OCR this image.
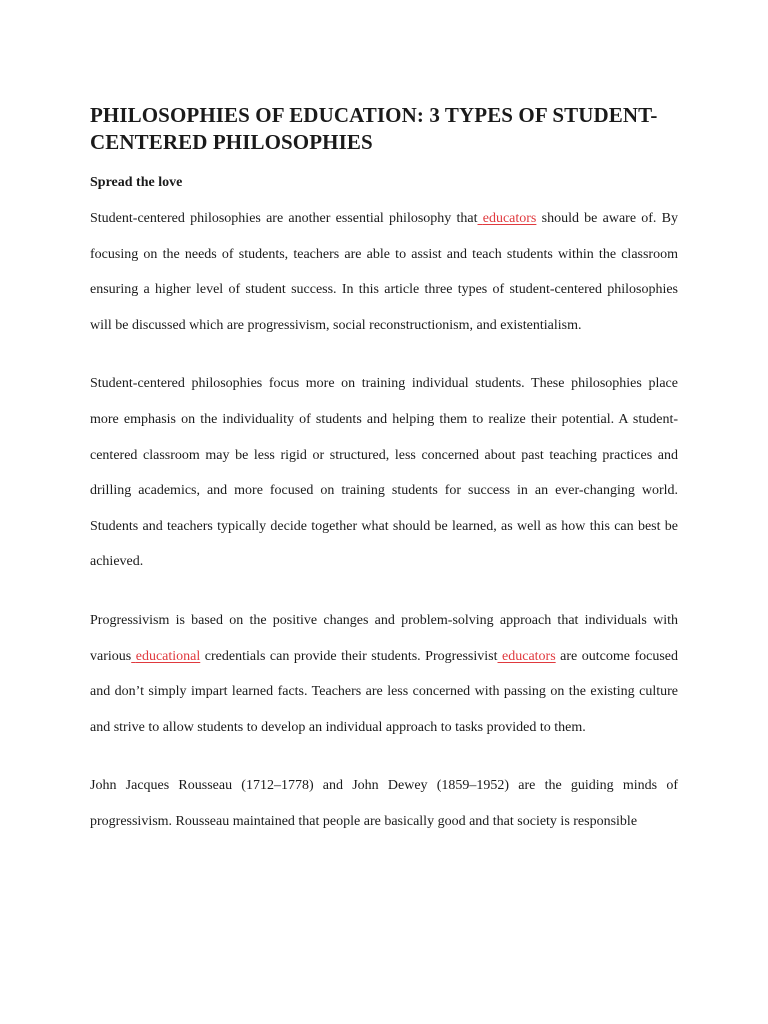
PHILOSOPHIES OF EDUCATION: 3 TYPES OF STUDENT-CENTERED PHILOSOPHIES
Spread the love

Student-centered philosophies are another essential philosophy that educators should be aware of. By focusing on the needs of students, teachers are able to assist and teach students within the classroom ensuring a higher level of student success. In this article three types of student-centered philosophies will be discussed which are progressivism, social reconstructionism, and existentialism.

Student-centered philosophies focus more on training individual students. These philosophies place more emphasis on the individuality of students and helping them to realize their potential. A student-centered classroom may be less rigid or structured, less concerned about past teaching practices and drilling academics, and more focused on training students for success in an ever-changing world. Students and teachers typically decide together what should be learned, as well as how this can best be achieved.

Progressivism is based on the positive changes and problem-solving approach that individuals with various educational credentials can provide their students. Progressivist educators are outcome focused and don’t simply impart learned facts. Teachers are less concerned with passing on the existing culture and strive to allow students to develop an individual approach to tasks provided to them.

John Jacques Rousseau (1712–1778) and John Dewey (1859–1952) are the guiding minds of progressivism. Rousseau maintained that people are basically good and that society is responsible
